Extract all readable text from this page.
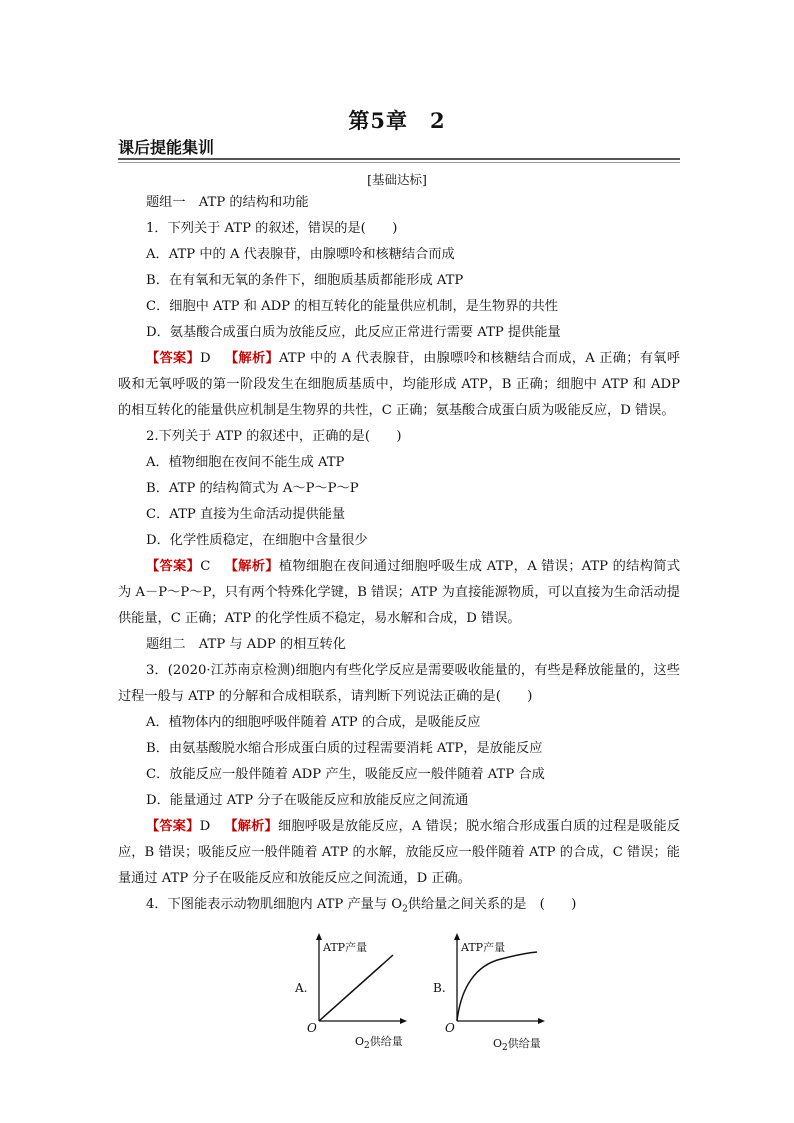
第5章　2
课后提能集训
[基础达标]
题组一　ATP 的结构和功能
1．下列关于 ATP 的叙述，错误的是(　　)
A．ATP 中的 A 代表腺苷，由腺嘌呤和核糖结合而成
B．在有氧和无氧的条件下，细胞质基质都能形成 ATP
C．细胞中 ATP 和 ADP 的相互转化的能量供应机制，是生物界的共性
D．氨基酸合成蛋白质为放能反应，此反应正常进行需要 ATP 提供能量
【答案】D 【解析】ATP 中的 A 代表腺苷，由腺嘌呤和核糖结合而成，A 正确；有氧呼吸和无氧呼吸的第一阶段发生在细胞质基质中，均能形成 ATP，B 正确；细胞中 ATP 和 ADP 的相互转化的能量供应机制是生物界的共性，C 正确；氨基酸合成蛋白质为吸能反应，D 错误。
2.下列关于 ATP 的叙述中，正确的是(　　)
A．植物细胞在夜间不能生成 ATP
B．ATP 的结构简式为 A～P～P～P
C．ATP 直接为生命活动提供能量
D．化学性质稳定，在细胞中含量很少
【答案】C 【解析】植物细胞在夜间通过细胞呼吸生成 ATP，A 错误；ATP 的结构简式为 A－P～P～P，只有两个特殊化学键，B 错误；ATP 为直接能源物质，可以直接为生命活动提供能量，C 正确；ATP 的化学性质不稳定，易水解和合成，D 错误。
题组二　ATP 与 ADP 的相互转化
3．(2020·江苏南京检测)细胞内有些化学反应是需要吸收能量的，有些是释放能量的，这些过程一般与 ATP 的分解和合成相联系，请判断下列说法正确的是(　　)
A．植物体内的细胞呼吸伴随着 ATP 的合成，是吸能反应
B．由氨基酸脱水缩合形成蛋白质的过程需要消耗 ATP，是放能反应
C．放能反应一般伴随着 ADP 产生，吸能反应一般伴随着 ATP 合成
D．能量通过 ATP 分子在吸能反应和放能反应之间流通
【答案】D 【解析】细胞呼吸是放能反应，A 错误；脱水缩合形成蛋白质的过程是吸能反应，B 错误；吸能反应一般伴随着 ATP 的水解，放能反应一般伴随着 ATP 的合成，C 错误；能量通过 ATP 分子在吸能反应和放能反应之间流通，D 正确。
4．下图能表示动物肌细胞内 ATP 产量与 $O_2$供给量之间关系的是　(　　)
A.
ATP产量
O
$O_2$供给量
B.
ATP产量
O
$O_2$供给量
